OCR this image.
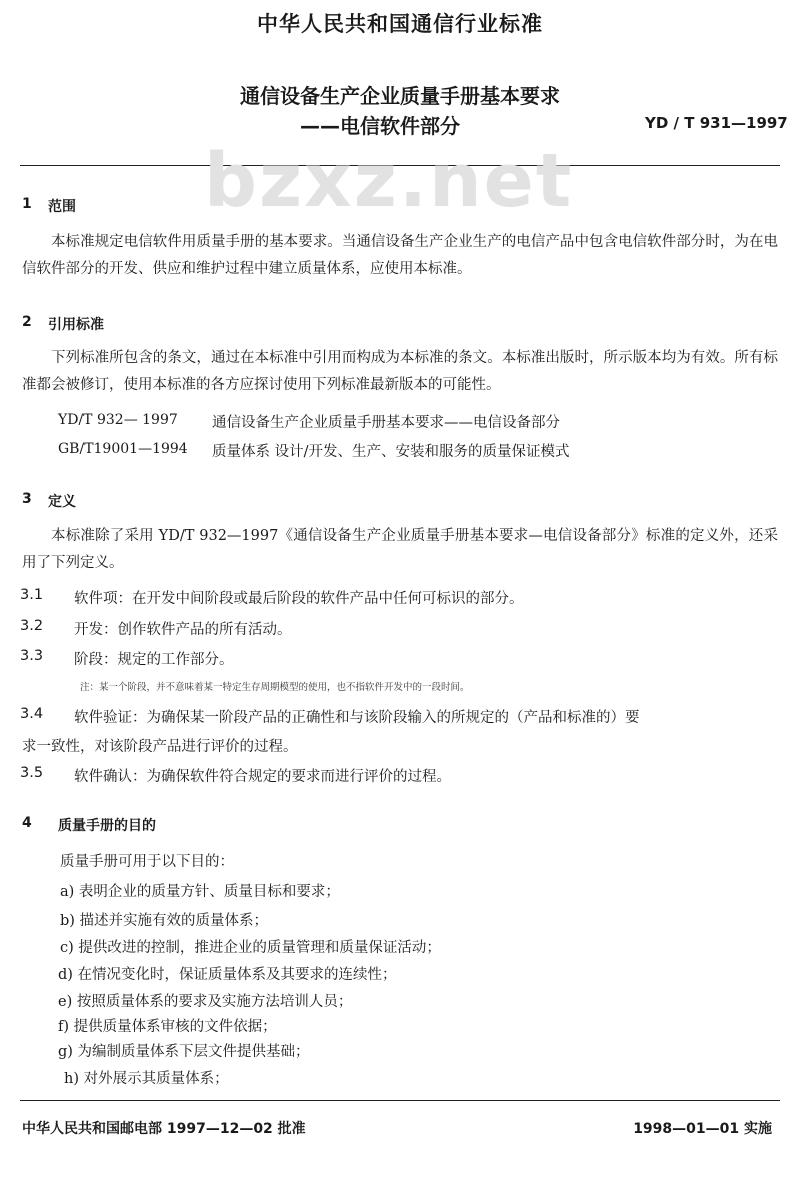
中华人民共和国通信行业标准
通信设备生产企业质量手册基本要求
——电信软件部分	YD / T 931—1997
bzxz.net
1 范围
本标准规定电信软件用质量手册的基本要求。当通信设备生产企业生产的电信产品中包含电信软件部分时，为在电信软件部分的开发、供应和维护过程中建立质量体系，应使用本标准。
2 引用标准
下列标准所包含的条文，通过在本标准中引用而构成为本标准的条文。本标准出版时，所示版本均为有效。所有标准都会被修订，使用本标准的各方应探讨使用下列标准最新版本的可能性。
YD/T 932— 1997 通信设备生产企业质量手册基本要求——电信设备部分
GB/T19001—1994 质量体系 设计/开发、生产、安装和服务的质量保证模式
3 定义
本标准除了采用 YD/T 932—1997《通信设备生产企业质量手册基本要求—电信设备部分》标准的定义外，还采用了下列定义。
3.1 软件项：在开发中间阶段或最后阶段的软件产品中任何可标识的部分。
3.2 开发：创作软件产品的所有活动。
3.3 阶段：规定的工作部分。
注：某一个阶段，并不意味着某一特定生存周期模型的使用，也不指软件开发中的一段时间。
3.4 软件验证：为确保某一阶段产品的正确性和与该阶段输入的所规定的（产品和标准的）要
求一致性，对该阶段产品进行评价的过程。
3.5 软件确认：为确保软件符合规定的要求而进行评价的过程。
4 质量手册的目的
质量手册可用于以下目的：
a) 表明企业的质量方针、质量目标和要求；
b) 描述并实施有效的质量体系；
c) 提供改进的控制，推进企业的质量管理和质量保证活动；
d) 在情况变化时，保证质量体系及其要求的连续性；
e) 按照质量体系的要求及实施方法培训人员；
f) 提供质量体系审核的文件依据；
g) 为编制质量体系下层文件提供基础；
h) 对外展示其质量体系；
中华人民共和国邮电部 1997—12—02 批准	1998—01—01 实施
